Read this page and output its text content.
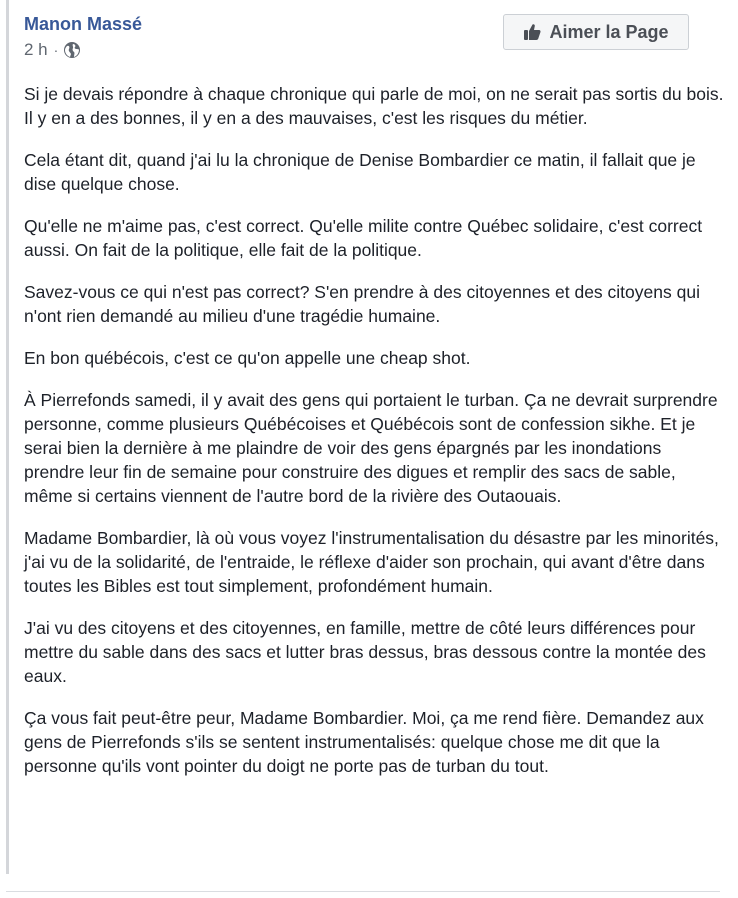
Manon Massé
2 h ·
Aimer la Page

Si je devais répondre à chaque chronique qui parle de moi, on ne serait pas sortis du bois. Il y en a des bonnes, il y en a des mauvaises, c'est les risques du métier.

Cela étant dit, quand j'ai lu la chronique de Denise Bombardier ce matin, il fallait que je dise quelque chose.

Qu'elle ne m'aime pas, c'est correct. Qu'elle milite contre Québec solidaire, c'est correct aussi. On fait de la politique, elle fait de la politique.

Savez-vous ce qui n'est pas correct? S'en prendre à des citoyennes et des citoyens qui n'ont rien demandé au milieu d'une tragédie humaine.

En bon québécois, c'est ce qu'on appelle une cheap shot.

À Pierrefonds samedi, il y avait des gens qui portaient le turban. Ça ne devrait surprendre personne, comme plusieurs Québécoises et Québécois sont de confession sikhe. Et je serai bien la dernière à me plaindre de voir des gens épargnés par les inondations prendre leur fin de semaine pour construire des digues et remplir des sacs de sable, même si certains viennent de l'autre bord de la rivière des Outaouais.

Madame Bombardier, là où vous voyez l'instrumentalisation du désastre par les minorités, j'ai vu de la solidarité, de l'entraide, le réflexe d'aider son prochain, qui avant d'être dans toutes les Bibles est tout simplement, profondément humain.

J'ai vu des citoyens et des citoyennes, en famille, mettre de côté leurs différences pour mettre du sable dans des sacs et lutter bras dessus, bras dessous contre la montée des eaux.

Ça vous fait peut-être peur, Madame Bombardier. Moi, ça me rend fière. Demandez aux gens de Pierrefonds s'ils se sentent instrumentalisés: quelque chose me dit que la personne qu'ils vont pointer du doigt ne porte pas de turban du tout.
